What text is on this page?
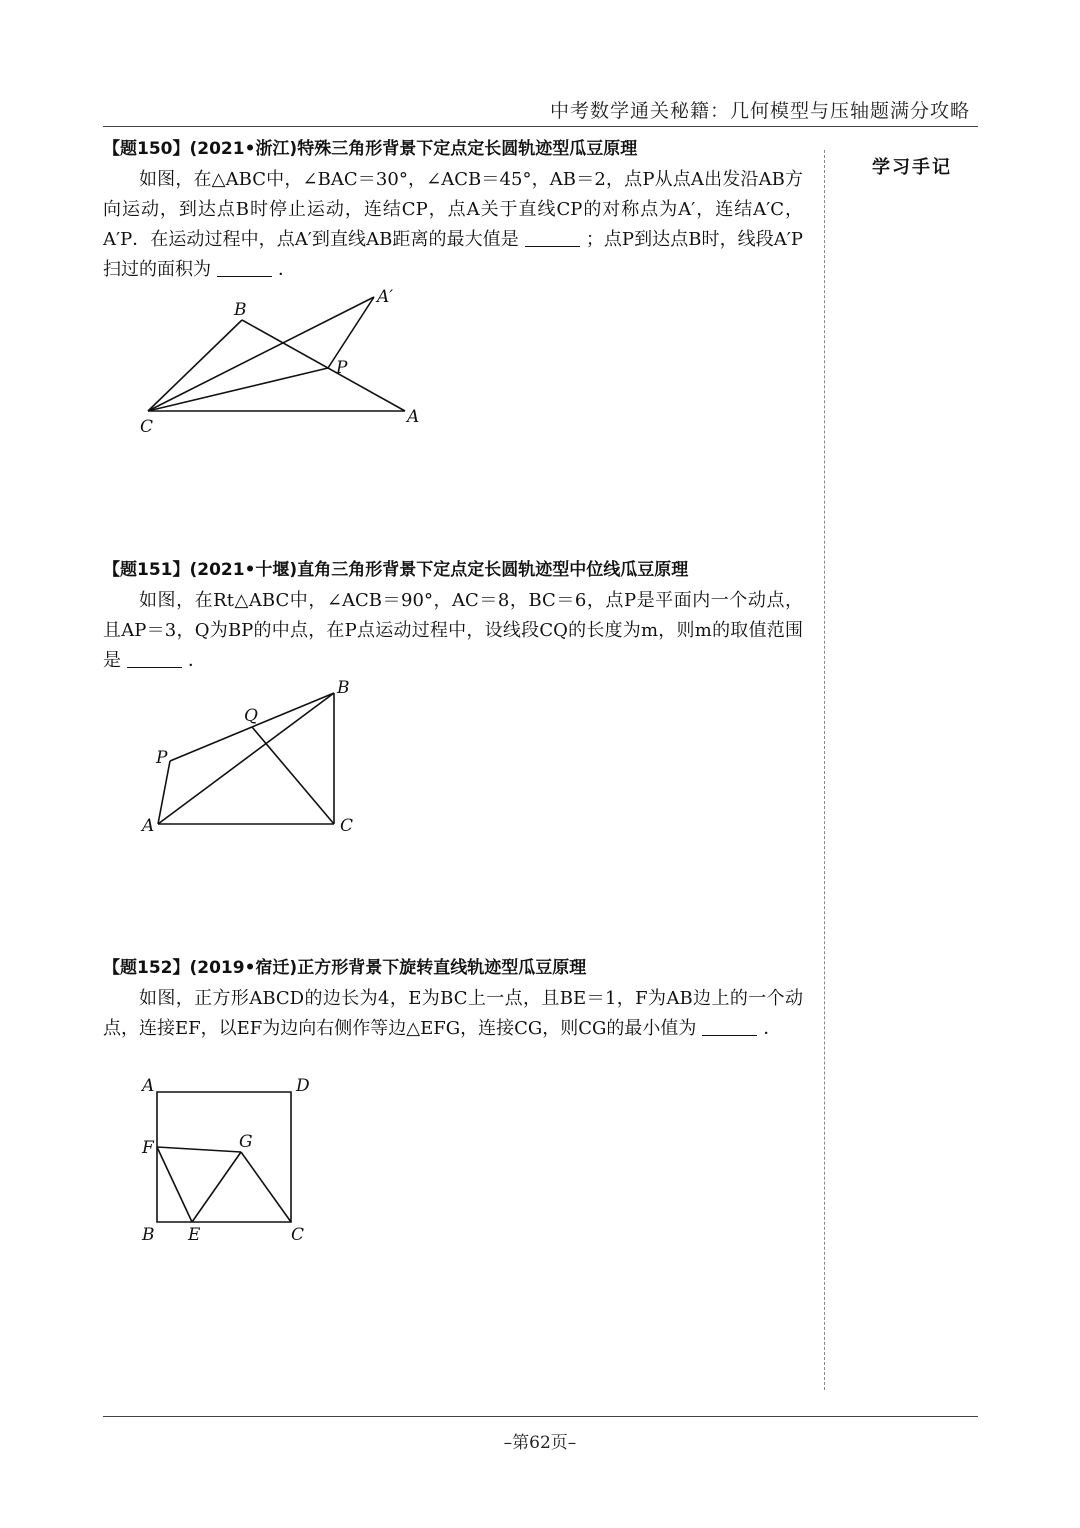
中考数学通关秘籍：几何模型与压轴题满分攻略
学习手记
【题150】(2021•浙江)特殊三角形背景下定点定长圆轨迹型瓜豆原理
如图，在△ABC中，∠BAC＝30°，∠ACB＝45°，AB＝2，点P从点A出发沿AB方向运动，到达点B时停止运动，连结CP，点A关于直线CP的对称点为A′，连结A′C，A′P．在运动过程中，点A′到直线AB距离的最大值是	；点P到达点B时，线段A′P扫过的面积为	．
B
A′
P
C	A
【题151】(2021•十堰)直角三角形背景下定点定长圆轨迹型中位线瓜豆原理
如图，在Rt△ABC中，∠ACB＝90°，AC＝8，BC＝6，点P是平面内一个动点，且AP＝3，Q为BP的中点，在P点运动过程中，设线段CQ的长度为m，则m的取值范围是	．
B
Q
P
A	C
【题152】(2019•宿迁)正方形背景下旋转直线轨迹型瓜豆原理
如图，正方形ABCD的边长为4，E为BC上一点，且BE＝1，F为AB边上的一个动点，连接EF，以EF为边向右侧作等边△EFG，连接CG，则CG的最小值为	．
A	D
F	G
B E	C
–第62页–
